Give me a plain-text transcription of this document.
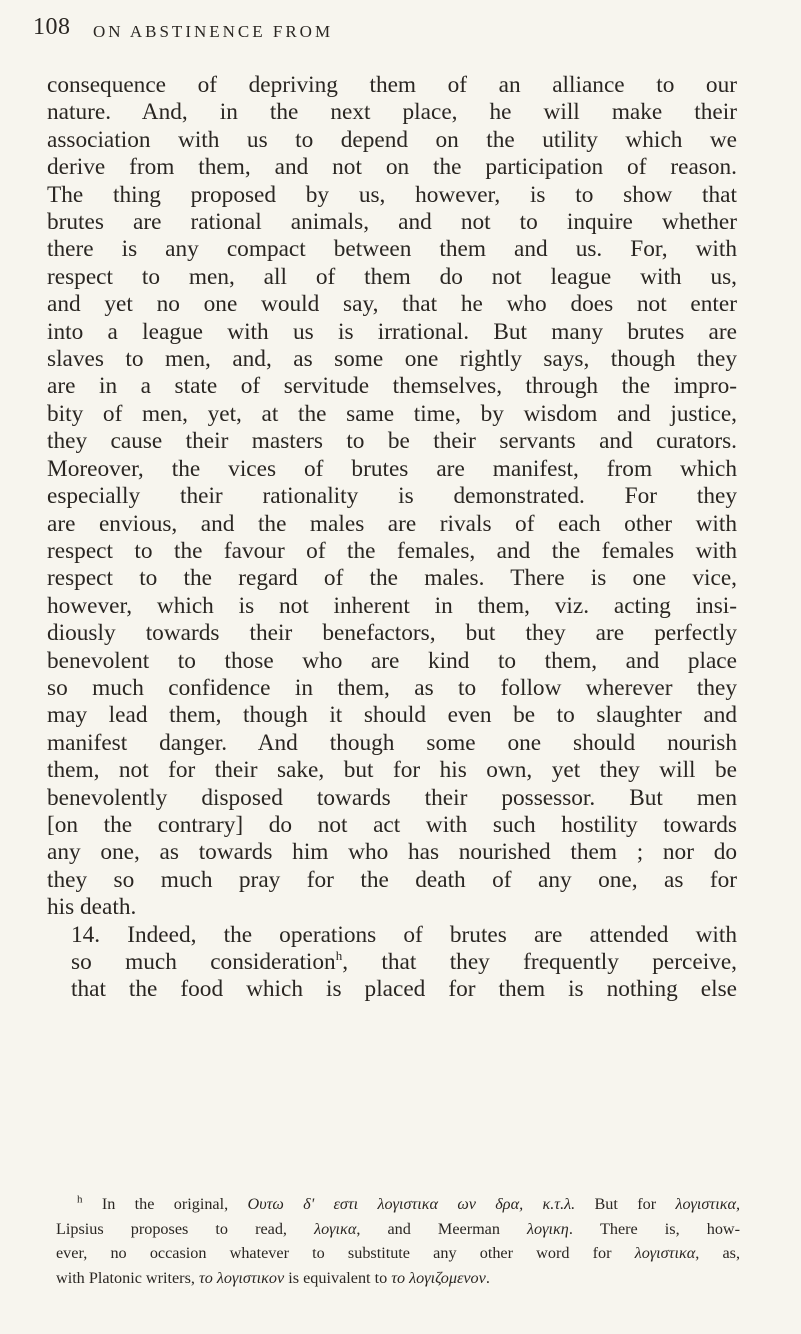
108 ON ABSTINENCE FROM

consequence of depriving them of an alliance to our
nature. And, in the next place, he will make their
association with us to depend on the utility which we
derive from them, and not on the participation of reason.
The thing proposed by us, however, is to show that
brutes are rational animals, and not to inquire whether
there is any compact between them and us. For, with
respect to men, all of them do not league with us,
and yet no one would say, that he who does not enter
into a league with us is irrational. But many brutes are
slaves to men, and, as some one rightly says, though they
are in a state of servitude themselves, through the impro-
bity of men, yet, at the same time, by wisdom and justice,
they cause their masters to be their servants and curators.
Moreover, the vices of brutes are manifest, from which
especially their rationality is demonstrated. For they
are envious, and the males are rivals of each other with
respect to the favour of the females, and the females with
respect to the regard of the males. There is one vice,
however, which is not inherent in them, viz. acting insi-
diously towards their benefactors, but they are perfectly
benevolent to those who are kind to them, and place
so much confidence in them, as to follow wherever they
may lead them, though it should even be to slaughter and
manifest danger. And though some one should nourish
them, not for their sake, but for his own, yet they will be
benevolently disposed towards their possessor. But men
[on the contrary] do not act with such hostility towards
any one, as towards him who has nourished them ; nor do
they so much pray for the death of any one, as for
his death.

14. Indeed, the operations of brutes are attended with
so much consideration$^h$, that they frequently perceive,
that the food which is placed for them is nothing else

$^h$ In the original, Ουτω δ' εστι λογιστικα ων δρα, κ.τ.λ. But for λογιστικα,
Lipsius proposes to read, λογικα, and Meerman λογικη. There is, how-
ever, no occasion whatever to substitute any other word for λογιστικα, as,
with Platonic writers, το λογιστικον is equivalent to το λογιζομενον.
